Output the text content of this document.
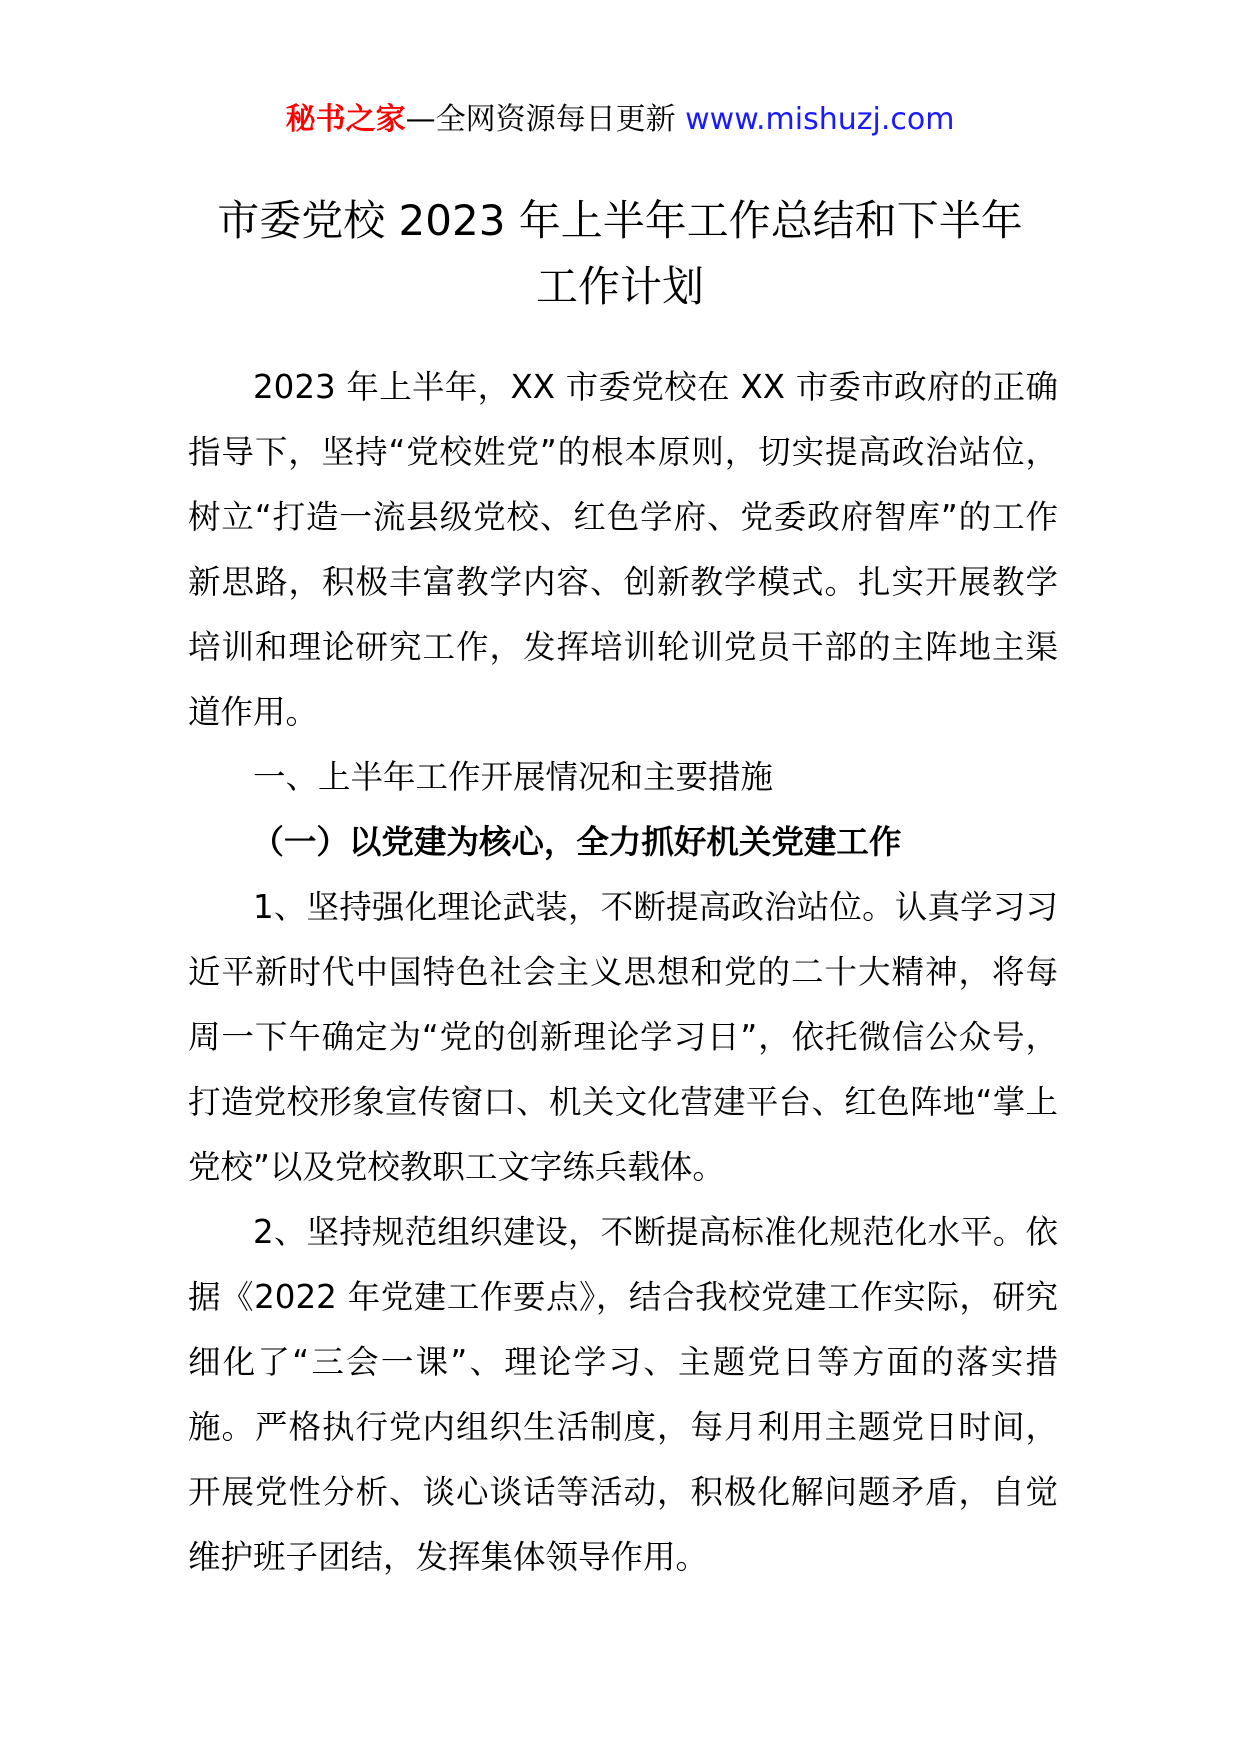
秘书之家—全网资源每日更新 www.mishuzj.com
市委党校 2023 年上半年工作总结和下半年
工作计划

2023 年上半年，XX 市委党校在 XX 市委市政府的正确指导下，坚持“党校姓党”的根本原则，切实提高政治站位，树立“打造一流县级党校、红色学府、党委政府智库”的工作新思路，积极丰富教学内容、创新教学模式。扎实开展教学培训和理论研究工作，发挥培训轮训党员干部的主阵地主渠道作用。

一、上半年工作开展情况和主要措施

（一）以党建为核心，全力抓好机关党建工作

1、坚持强化理论武装，不断提高政治站位。认真学习习近平新时代中国特色社会主义思想和党的二十大精神，将每周一下午确定为“党的创新理论学习日”，依托微信公众号，打造党校形象宣传窗口、机关文化营建平台、红色阵地“掌上党校”以及党校教职工文字练兵载体。

2、坚持规范组织建设，不断提高标准化规范化水平。依据《2022 年党建工作要点》，结合我校党建工作实际，研究细化了“三会一课”、理论学习、主题党日等方面的落实措施。严格执行党内组织生活制度，每月利用主题党日时间，开展党性分析、谈心谈话等活动，积极化解问题矛盾，自觉维护班子团结，发挥集体领导作用。
